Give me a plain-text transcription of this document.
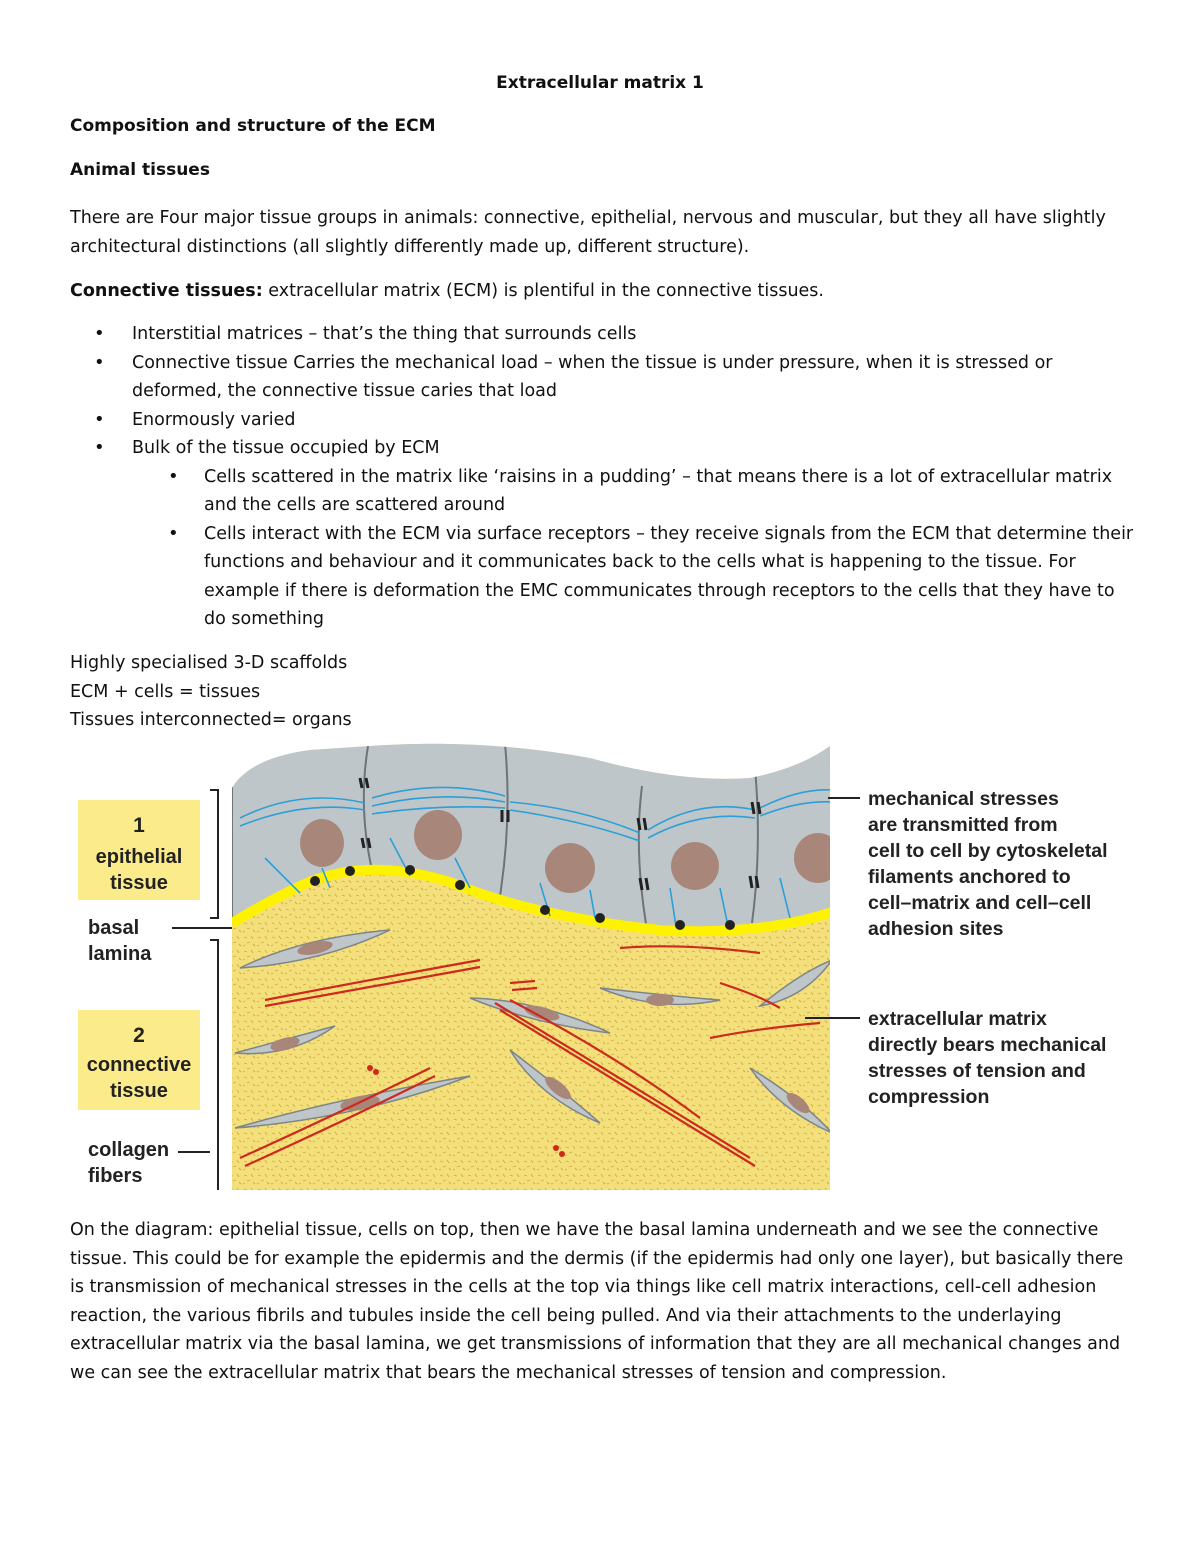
Extracellular matrix 1
Composition and structure of the ECM
Animal tissues
There are Four major tissue groups in animals: connective, epithelial, nervous and muscular, but they all have slightly architectural distinctions (all slightly differently made up, different structure).
Connective tissues: extracellular matrix (ECM) is plentiful in the connective tissues.
• Interstitial matrices – that’s the thing that surrounds cells
• Connective tissue Carries the mechanical load – when the tissue is under pressure, when it is stressed or deformed, the connective tissue caries that load
• Enormously varied
• Bulk of the tissue occupied by ECM
• Cells scattered in the matrix like ‘raisins in a pudding’ – that means there is a lot of extracellular matrix and the cells are scattered around
• Cells interact with the ECM via surface receptors – they receive signals from the ECM that determine their functions and behaviour and it communicates back to the cells what is happening to the tissue. For example if there is deformation the EMC communicates through receptors to the cells that they have to do something
Highly specialised 3-D scaffolds
ECM + cells = tissues
Tissues interconnected= organs
1
epithelial
tissue
basal
lamina
2
connective
tissue
collagen
fibers
mechanical stresses
are transmitted from
cell to cell by cytoskeletal
filaments anchored to
cell–matrix and cell–cell
adhesion sites
extracellular matrix
directly bears mechanical
stresses of tension and
compression
On the diagram: epithelial tissue, cells on top, then we have the basal lamina underneath and we see the connective tissue. This could be for example the epidermis and the dermis (if the epidermis had only one layer), but basically there is transmission of mechanical stresses in the cells at the top via things like cell matrix interactions, cell-cell adhesion reaction, the various fibrils and tubules inside the cell being pulled. And via their attachments to the underlaying extracellular matrix via the basal lamina, we get transmissions of information that they are all mechanical changes and we can see the extracellular matrix that bears the mechanical stresses of tension and compression.
